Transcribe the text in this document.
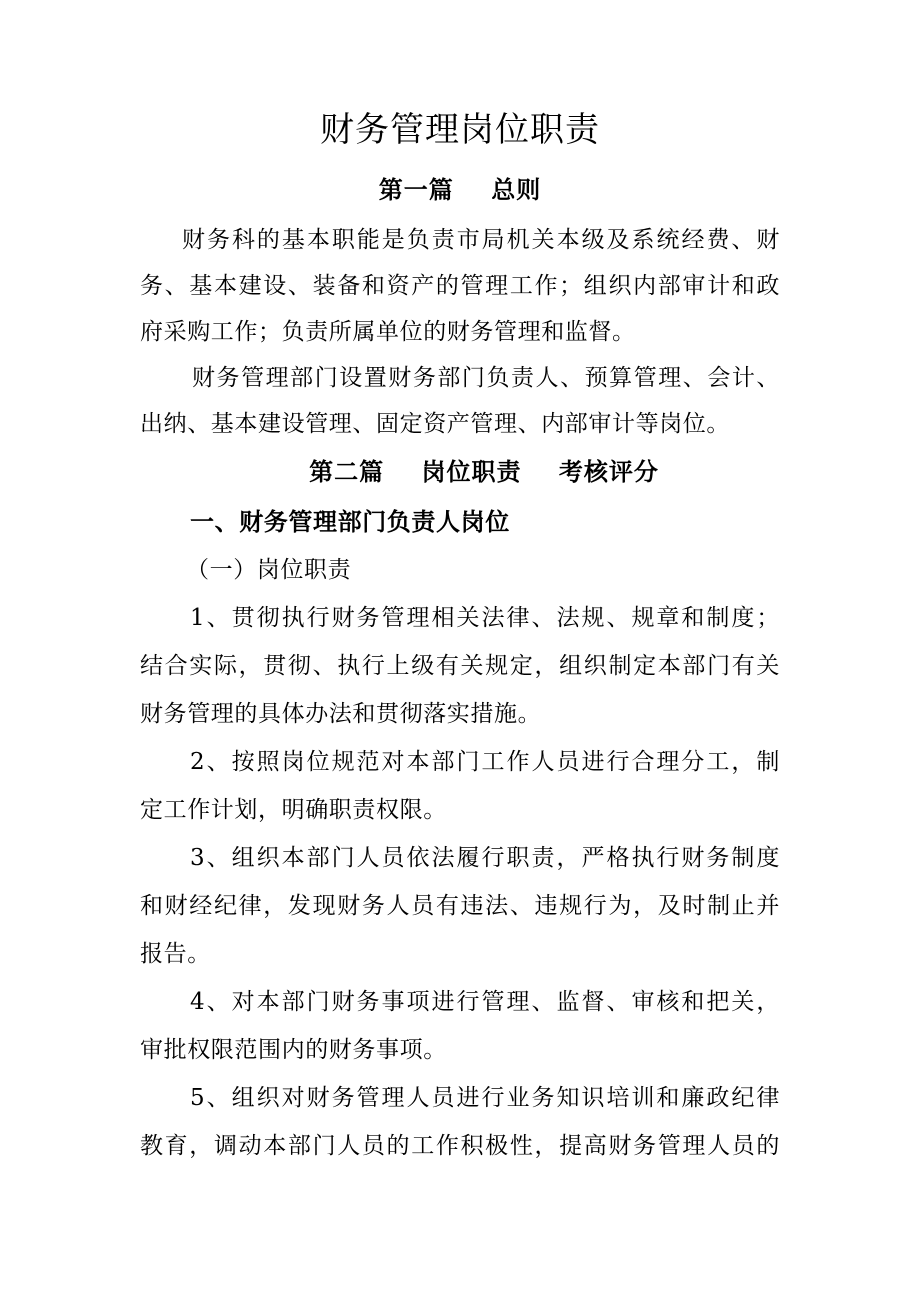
财务管理岗位职责
第一篇    总则
财务科的基本职能是负责市局机关本级及系统经费、财
务、基本建设、装备和资产的管理工作；组织内部审计和政
府采购工作；负责所属单位的财务管理和监督。
财务管理部门设置财务部门负责人、预算管理、会计、
出纳、基本建设管理、固定资产管理、内部审计等岗位。
第二篇    岗位职责    考核评分
一、财务管理部门负责人岗位
（一）岗位职责
1、贯彻执行财务管理相关法律、法规、规章和制度；
结合实际，贯彻、执行上级有关规定，组织制定本部门有关
财务管理的具体办法和贯彻落实措施。
2、按照岗位规范对本部门工作人员进行合理分工，制
定工作计划，明确职责权限。
3、组织本部门人员依法履行职责，严格执行财务制度
和财经纪律，发现财务人员有违法、违规行为，及时制止并
报告。
4、对本部门财务事项进行管理、监督、审核和把关，
审批权限范围内的财务事项。
5、组织对财务管理人员进行业务知识培训和廉政纪律
教育，调动本部门人员的工作积极性，提高财务管理人员的
